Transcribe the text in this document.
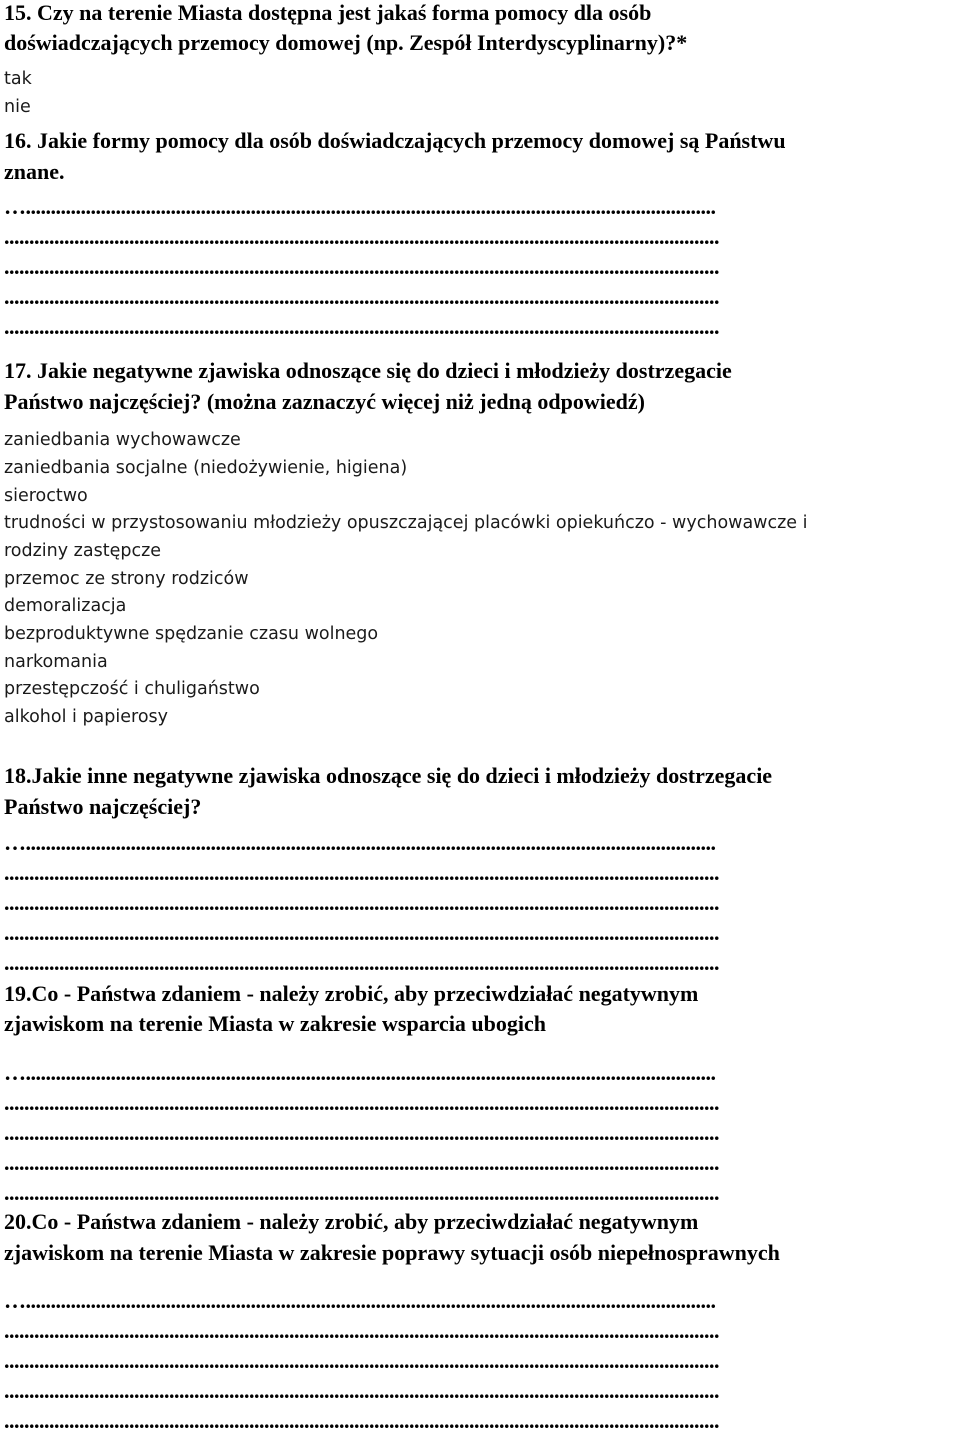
15. Czy na terenie Miasta dostępna jest jakaś forma pomocy dla osób
doświadczających przemocy domowej (np. Zespół Interdyscyplinarny)?*
tak
nie
16. Jakie formy pomocy dla osób doświadczających przemocy domowej są Państwu
znane.
…..........................................................................................................................................
...............................................................................................................................................
...............................................................................................................................................
...............................................................................................................................................
...............................................................................................................................................
17. Jakie negatywne zjawiska odnoszące się do dzieci i młodzieży dostrzegacie
Państwo najczęściej? (można zaznaczyć więcej niż jedną odpowiedź)
zaniedbania wychowawcze
zaniedbania socjalne (niedożywienie, higiena)
sieroctwo
trudności w przystosowaniu młodzieży opuszczającej placówki opiekuńczo - wychowawcze i
rodziny zastępcze
przemoc ze strony rodziców
demoralizacja
bezproduktywne spędzanie czasu wolnego
narkomania
przestępczość i chuligaństwo
alkohol i papierosy
18.Jakie inne negatywne zjawiska odnoszące się do dzieci i młodzieży dostrzegacie
Państwo najczęściej?
…..........................................................................................................................................
...............................................................................................................................................
...............................................................................................................................................
...............................................................................................................................................
...............................................................................................................................................
19.Co - Państwa zdaniem - należy zrobić, aby przeciwdziałać negatywnym
zjawiskom na terenie Miasta w zakresie wsparcia ubogich
…..........................................................................................................................................
...............................................................................................................................................
...............................................................................................................................................
...............................................................................................................................................
...............................................................................................................................................
20.Co - Państwa zdaniem - należy zrobić, aby przeciwdziałać negatywnym
zjawiskom na terenie Miasta w zakresie poprawy sytuacji osób niepełnosprawnych
…..........................................................................................................................................
...............................................................................................................................................
...............................................................................................................................................
...............................................................................................................................................
...............................................................................................................................................
